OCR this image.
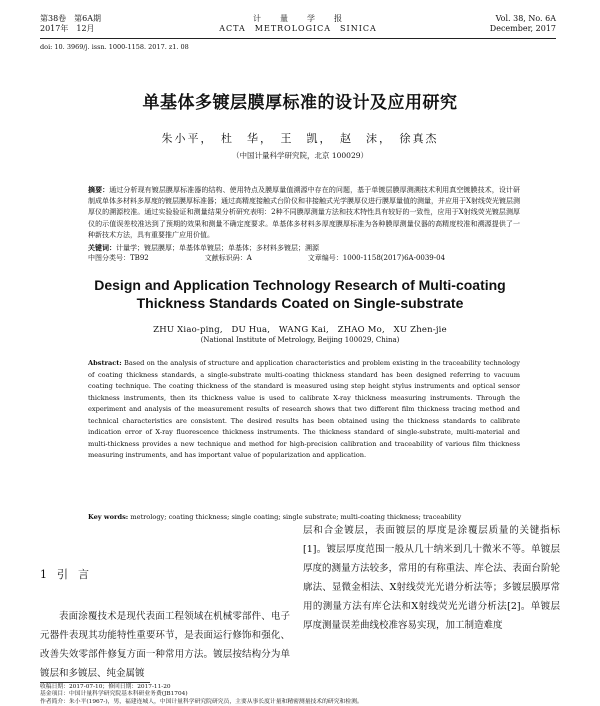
第38卷　第6A期
2017年　12月
计　　量　　学　　报
ACTA　METROLOGICA　SINICA
Vol. 38, No. 6A
December, 2017
doi: 10. 3969/j. issn. 1000-1158. 2017. z1. 08
单基体多镀层膜厚标准的设计及应用研究
朱小平，　杜　华，　王　凯，　赵　沫，　徐真杰
（中国计量科学研究院，北京 100029）
摘要：通过分析现有镀层膜厚标准器的结构、使用特点及膜厚量值溯源中存在的问题，基于单镀层膜厚测溯技术利用真空镀膜技术，设计研制成单体多材料多厚度的镀层膜厚标准器；通过高精度接触式台阶仪和非接触式光学膜厚仪进行膜厚量值的测量，并应用于X射线荧光镀层测厚仪的溯源校准。通过实验验证和测量结果分析研究表明：2种不同膜厚测量方法和技术特性具有较好的一致性，应用于X射线荧光镀层测厚仪的示值误差校准达到了预期的效果和测量不确定度要求。单基体多材料多厚度膜厚标准为各种膜厚测量仪器的高精度校准和溯源提供了一种新技术方法，具有重要推广应用价值。
关键词：计量学；镀层膜厚；单基体单镀层；单基体；多材料多镀层；溯源
中图分类号：TB92	文献标识码：A	文章编号：1000-1158(2017)6A-0039-04
Design and Application Technology Research of Multi-coating
Thickness Standards Coated on Single-substrate
ZHU Xiao-ping,　DU Hua,　WANG Kai,　ZHAO Mo,　XU Zhen-jie
(National Institute of Metrology, Beijing 100029, China)
Abstract: Based on the analysis of structure and application characteristics and problem existing in the traceability technology of coating thickness standards, a single-substrate multi-coating thickness standard has been designed referring to vacuum coating technique. The coating thickness of the standard is measured using step height stylus instruments and optical sensor thickness instruments, then its thickness value is used to calibrate X-ray thickness measuring instruments. Through the experiment and analysis of the measurement results of research shows that two different film thickness tracing method and technical characteristics are consistent. The desired results has been obtained using the thickness standards to calibrate indication error of X-ray fluorescence thickness instruments. The thickness standard of single-substrate, multi-material and multi-thickness provides a new technique and method for high-precision calibration and traceability of various film thickness measuring instruments, and has important value of popularization and application.
Key words: metrology; coating thickness; single coating; single substrate; multi-coating thickness; traceability
1引言

表面涂覆技术是现代表面工程领域在机械零部件、电子元器件表现其功能特性重要环节，是表面运行修饰和强化、改善失效零部件修复方面一种常用方法。镀层按结构分为单镀层和多镀层、纯金属镀

层和合金镀层，表面镀层的厚度是涂覆层质量的关键指标[1]。镀层厚度范围一般从几十纳米到几十微米不等。单镀层厚度的测量方法较多，常用的有称重法、库仑法、表面台阶轮廓法、显微金相法、X射线荧光光谱分析法等；多镀层膜厚常用的测量方法有库仑法和X射线荧光光谱分析法[2]。单镀层厚度测量误差曲线校准容易实现，加工制造难度

收稿日期：2017-07-10；修回日期：2017-11-20
基金项目：中国计量科学研究院基本科研业务费(JB1704)
作者简介：朱小平(1967-)，男，福建连城人，中国计量科学研究院研究员，主要从事长度计量和精密测量技术的研究和检测。
